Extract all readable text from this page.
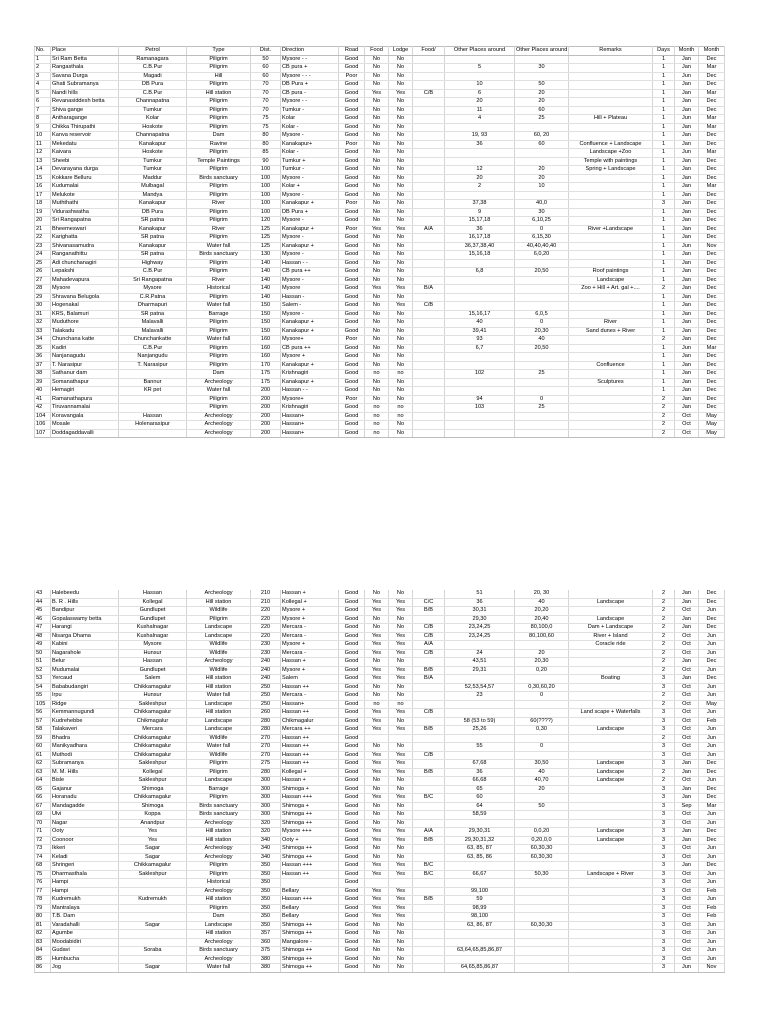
No.	Place	Petrol	Type	Dist.	Direction	Road	Food	Lodge	Food/	Other Places around	Other Places around	Remarks	Days	Month	Month
1	Sri Ram Betta	Ramanagara	Piligrim	50	Mysore - -	Good	No	No					1	Jan	Dec
2	Rangasthala	C.B.Pur	Piligrim	60	CB pura +	Good	No	No		5	30		1	Jan	Mar
3	Savana Durga	Magadi	Hill	60	Mysore - - -	Poor	No	No					1	Jun	Dec
4	Ghati Subramanya	DB Pura	Piligrim	70	DB Pura +	Good	No	No		10	50		1	Jan	Dec
5	Nandi hills	C.B.Pur	Hill station	70	CB pura -	Good	Yes	Yes	C/B	6	20		1	Jan	Mar
6	Revanasiddesh betta	Channapatna	Piligrim	70	Mysore - -	Good	No	No		20	20		1	Jan	Dec
7	Shiva gange	Tumkur	Piligrim	70	Tumkur -	Good	No	No		11	60		1	Jan	Dec
8	Antharagange	Kolar	Piligrim	75	Kolar	Good	No	No		4	25	Hill + Plateau	1	Jun	Mar
9	Chikka Thirupathi	Hoskote	Piligrim	75	Kolar -	Good	No	No					1	Jan	Mar
10	Kanva reservoir	Channapatna	Dam	80	Mysore -	Good	No	No		19, 93	60, 20		1	Jan	Dec
11	Mekedatu	Kanakapur	Ravine	80	Kanakapur+	Poor	No	No		36	60	Confluence + Landscape	1	Jan	Dec
12	Kaivara	Hoskote	Piligrim	85	Kolar -	Good	No	No				Landscape +Zoo	1	Jun	Mar
13	Sheebi	Tumkur	Temple Paintings	90	Tumkur +	Good	No	No				Temple with paintings	1	Jan	Dec
14	Devarayana durga	Tumkur	Piligrim	100	Tumkur -	Good	No	No		12	20	Spring + Landscape	1	Jan	Dec
15	Kokkare Belluru	Maddur	Birds sanctuary	100	Mysore -	Good	No	No		20	20		1	Jan	Dec
16	Kudumalai	Mulbagal	Piligrim	100	Kolar +	Good	No	No		2	10		1	Jan	Mar
17	Melukote	Mandya	Piligrim	100	Mysore -	Good	No	No					1	Jan	Dec
18	Muththathi	Kanakapur	River	100	Kanakapur +	Poor	No	No		37,38	40,0		3	Jan	Dec
19	Vidurashwatha	DB Pura	Piligrim	100	DB Pura +	Good	No	No		9	30		1	Jan	Dec
20	Sri Rangapatna	SR patna	Piligrim	120	Mysore -	Good	No	No		15,17,18	6,10,25		1	Jan	Dec
21	Bheemeswari	Kanakapur	River	125	Kanakapur +	Poor	Yes	Yes	A/A	36	0	River +Landscape	1	Jan	Dec
22	Karighatta	SR patna	Piligrim	125	Mysore -	Good	No	No		16,17,18	6,15,30		1	Jan	Dec
23	Shivanasamudra	Kanakapur	Water fall	125	Kanakapur +	Good	No	No		36,37,38,40	40,40,40,40		1	Jun	Nov
24	Ranganathittu	SR patna	Birds sanctuary	130	Mysore -	Good	No	No		15,16,18	6,0,20		1	Jan	Dec
25	Adi chunchanagiri	Highway	Piligrim	140	Hassan - -	Good	No	No					1	Jan	Dec
26	Lepakshi	C.B.Pur	Piligrim	140	CB pura ++	Good	No	No		6,8	20,50	Roof paintings	1	Jan	Dec
27	Mahadevapura	Sri Rangapatna	River	140	Mysore -	Good	No	No				Landscape	1	Jan	Dec
28	Mysore	Mysore	Historical	140	Mysore	Good	Yes	Yes	B/A			Zoo + Hill + Art. gal +....	2	Jan	Dec
29	Shravana Belugola	C.R.Patna	Piligrim	140	Hassan -	Good	No	No					1	Jan	Dec
30	Hogenakal	Dharmapuri	Water fall	150	Salem -	Good	No	Yes	C/B				1	Jan	Dec
31	KRS, Balamuri	SR patna	Barrage	150	Mysore -	Good	No	No		15,16,17	6,0,5		1	Jan	Dec
32	Muduthore	Malavalli	Piligrim	150	Kanakapur +	Good	No	No		40	0	River	1	Jan	Dec
33	Talakadu	Malavalli	Piligrim	150	Kanakapur +	Good	No	No		39,41	20,30	Sand dunes + River	1	Jan	Dec
34	Chunchana katte	Chunchankatte	Water fall	160	Mysore+	Poor	No	No		93	40		2	Jan	Dec
35	Kadiri	C.B.Pur	Piligrim	160	CB pura ++	Good	No	No		6,7	20,50		1	Jun	Mar
36	Nanjanagudu	Nanjangudu	Piligrim	160	Mysore +	Good	No	No					1	Jan	Dec
37	T. Narasipur	T. Narasipur	Piligrim	170	Kanakapur +	Good	No	No				Confluence	1	Jan	Dec
38	Sathanur dam		Dam	175	Krishnagiri	Good	no	no		102	25		1	Jan	Dec
39	Somanathapur	Bannur	Archeology	175	Kanakapur +	Good	No	No				Sculptures	1	Jan	Dec
40	Hemagiri	KR pet	Water fall	200	Hassan - -	Good	No	No					1	Jan	Dec
41	Ramanathapura		Piligrim	200	Mysore+	Poor	No	No		94	0		2	Jan	Dec
42	Tiruvannamalai		Piligrim	200	Krishnagiri	Good	no	no		103	25		2	Jan	Dec
104	Koravangala	Hassan	Archeology	200	Hassan+	Good	no	no					2	Oct	May
106	Mosale	Holenarasipur	Archeology	200	Hassan+	Good	no	No					2	Oct	May
107	Doddagaddavalli		Archeology	200	Hassan+	Good	no	No					2	Oct	May
43	Halebeedu	Hassan	Archeology	210	Hassan +	Good	No	No		51	20, 30		2	Jan	Dec
44	B. R . Hills	Kollegal	Hill station	210	Kollegal +	Good	Yes	Yes	C/C	36	40	Landscape	2	Jan	Dec
45	Bandipur	Gundlupet	Wildlife	220	Mysore +	Good	Yes	Yes	B/B	30,31	20,20		2	Oct	Jun
46	Gopalaswamy betta	Gundlupet	Piligrim	220	Mysore +	Good	No	No		29,30	20,40	Landscape	2	Jan	Dec
47	Harangi	Kushalnagar	Landscape	220	Mercara -	Good	No	No	C/B	23,24,25	80,100,0	Dam + Landscape	2	Jan	Dec
48	Nisarga Dhama	Kushalnagar	Landscape	220	Mercara -	Good	Yes	Yes	C/B	23,24,25	80,100,60	River + Island	2	Oct	Jun
49	Kabini	Mysore	Wildlife	230	Mysore +	Good	Yes	Yes	A/A			Coracle ride	2	Oct	Jun
50	Nagarahole	Hunsur	Wildlife	230	Mercara -	Good	Yes	Yes	C/B	24	20		2	Oct	Jun
51	Belur	Hassan	Archeology	240	Hassan +	Good	No	No		43,51	20,30		2	Jan	Dec
52	Mudumalai	Gundlupet	Wildlife	240	Mysore +	Good	Yes	Yes	B/B	29,31	0,20		2	Oct	Jun
53	Yercaud	Salem	Hill station	240	Salem	Good	Yes	Yes	B/A			Boating	3	Jan	Dec
54	Bababudangiri	Chikkamagalur	Hill station	250	Hassan ++	Good	No	No		52,53,54,57	0,30,60,20		3	Oct	Jun
55	Irpu	Hunsur	Water fall	250	Mercara -	Good	No	No		23	0		2	Oct	Jun
105	Ridge	Sakleshpur	Landscape	250	Hassan+	Good	no	no					2	Oct	May
56	Kemmannugundi	Chikkamagalur	Hill station	260	Hassan ++	Good	Yes	Yes	C/B			Land scape + Waterfalls	3	Oct	Jun
57	Kudrehebbe	Chikmagalur	Landscape	280	Chikmagalur	Good	Yes	No		58 (53 to 59)	60(????)		3	Oct	Feb
58	Talakaveri	Mercara	Landscape	280	Mercara ++	Good	Yes	Yes	B/B	25,26	0,30	Landscape	3	Oct	Jun
59	Bhadra	Chikkamagalur	Wildlife	270	Hassan ++	Good							2	Oct	Jun
60	Manikyadhara	Chikkamagalur	Water fall	270	Hassan ++	Good	No	No		55	0		3	Oct	Jun
61	Muthodi	Chikkamagalur	Wildlife	270	Hassan ++	Good	Yes	Yes	C/B				3	Oct	Jun
62	Subramanya	Sakleshpur	Piligrim	275	Hassan ++	Good	Yes	Yes		67,68	30,50	Landscape	3	Jan	Dec
63	M. M. Hills	Kollegal	Piligrim	280	Kollegal +	Good	Yes	Yes	B/B	36	40	Landscape	2	Jan	Dec
64	Bisle	Sakleshpur	Landscape	300	Hassan +	Good	No	No		66,68	40,70	Landscape	2	Oct	Jun
65	Gajanur	Shimoga	Barrage	300	Shimoga +	Good	No	No		65	20		3	Jan	Dec
66	Horanadu	Chikkamagalur	Piligrim	300	Hassan +++	Good	Yes	Yes	B/C	60			3	Jan	Dec
67	Mandagadde	Shimoga	Birds sanctuary	300	Shimoga +	Good	No	No		64	50		3	Sep	Mar
69	Ulvi	Koppa	Birds sanctuary	300	Shimoga ++	Good	No	No		58,59			3	Oct	Jun
70	Nagar	Anandpur	Archeology	320	Shimoga ++	Good	No	No					3	Oct	Jun
71	Ooty	Yes	Hill station	320	Mysore +++	Good	Yes	Yes	A/A	29,30,31	0,0,20	Landscape	3	Jan	Dec
72	Coonoor	Yes	Hill station	340	Ooty +	Good	Yes	Yes	B/B	29,30,31,32	0,20,0,0	Landscape	3	Jan	Dec
73	Ikkeri	Sagar	Archeology	340	Shimoga ++	Good	No	No		63, 85, 87	60,30,30		3	Oct	Jun
74	Keladi	Sagar	Archeology	340	Shimoga ++	Good	No	No		63, 85, 86	60,30,30		3	Oct	Jun
68	Shringeri	Chikkamagalur	Piligrim	350	Hassan +++	Good	Yes	Yes	B/C				3	Jan	Dec
75	Dharmasthala	Sakleshpur	Piligrim	350	Hassan ++	Good	Yes	Yes	B/C	66,67	50,30	Landscape + River	3	Oct	Jun
76	Hampi		Historical	350		Good							3	Oct	Jun
77	Hampi		Archeology	350	Bellary	Good	Yes	Yes		99,100			3	Oct	Feb
78	Kudremukh	Kudremukh	Hill station	350	Hassan +++	Good	Yes	Yes	B/B	59			3	Oct	Jun
79	Mantralaya		Piligrim	350	Bellary	Good	Yes	Yes		98,99			3	Oct	Feb
80	T.B. Dam		Dam	350	Bellary	Good	Yes	Yes		98,100			3	Oct	Feb
81	Varadahalli	Sagar	Landscape	350	Shimoga ++	Good	No	No		63, 86, 87	60,30,30		3	Oct	Jun
82	Agumbe		Hill station	357	Shimoga ++	Good	No	No					3	Oct	Jun
83	Moodabidiri		Archeology	360	Mangalore -	Good	No	No					3	Oct	Jun
84	Gudavi	Soraba	Birds sanctuary	375	Shimoga ++	Good	No	No		63,64,65,85,86,87			3	Oct	Jun
85	Humbucha		Archeology	380	Shimoga ++	Good	No	No					3	Oct	Jun
86	Jog	Sagar	Water fall	380	Shimoga ++	Good	No	No		64,65,85,86,87			3	Jun	Nov
